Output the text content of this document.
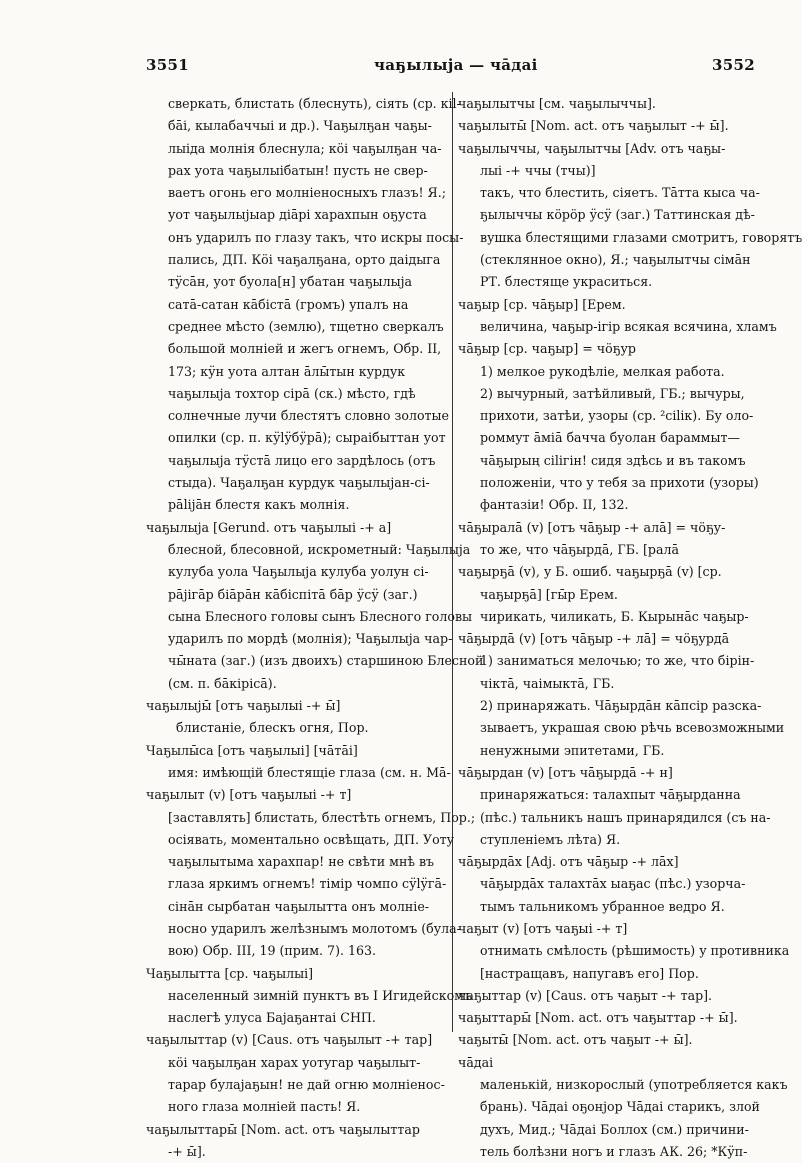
3551	чаҕылыја — чāдаі	3552
сверкать, блистать (блеснуть), сіять (ср. кіl-
бāі, кылабаччыі и др.). Чаҕылҕан чаҕы-
лыіда молнія блеснула; кöі чаҕылҕан ча-
рах уота чаҕылыібатын! пусть не свер-
ваетъ огонь его молніеносныхъ глазъ! Я.;
уот чаҕылыјыар діāрі харахпын оҕуста
онъ ударилъ по глазу такъ, что искры посы-
пались, ДП. Кöі чаҕалҕана, орто даідыга
тӱсāн, уот буола[н] убатан чаҕылыја
сатā-сатан кāбістā (громъ) упалъ на
среднее мѣсто (землю), тщетно сверкалъ
большой молніей и жегъ огнемъ, Обр. II,
173; кӱн уота алтан āлы̄тын курдук
чаҕылыја тохтор сірā (ск.) мѣсто, гдѣ
солнечные лучи блестятъ словно золотые
опилки (ср. п. кӱlӱбӱрā); сыраібыттан уот
чаҕылыја тӱстā лицо его зардѣлось (отъ
стыда). Чаҕалҕан курдук чаҕылыјан-сі-
рālіјāн блестя какъ молнія.
чаҕылыја [Gerund. отъ чаҕылыі -+ а]
блесной, блесовной, искрометный: Чаҕылыја
кулуба уола Чаҕылыја кулуба уолун сі-
рāјігāр біāрāн кāбіспітā бāр ӱсӱ (заг.)
сына Блесного головы сынъ Блесного головы
ударилъ по мордѣ (молнія); Чаҕылыја чар-
чы̄ната (заг.) (изъ двоихъ) старшиною Блесной
(см. п. бāкірісā).
чаҕылыjы̄ [отъ чаҕылыі -+ ы̄]
блистаніе, блескъ огня, Пор.
Чаҕылы̄са [отъ чаҕылыі] [чāтāі]
имя: имѣющій блестящіе глаза (см. н. Мā-
чаҕылыт (v) [отъ чаҕылыі -+ т]
[заставлять] блистать, блестѣть огнемъ, Пор.;
осіявать, моментально освѣщать, ДП. Уоту
чаҕылытыма харахпар! не свѣти мнѣ въ
глаза яркимъ огнемъ! тімір чомпо сӱlӱгā-
сінāн сырбатан чаҕылытта онъ молніе-
носно ударилъ желѣзнымъ молотомъ (була-
вою) Обр. III, 19 (прим. 7). 163.
Чаҕылытта [ср. чаҕылыі]
населенный зимній пунктъ въ I Игидейскомъ
наслегѣ улуса Бајаҕантаі СНП.
чаҕылыттар (v) [Caus. отъ чаҕылыт -+ тар]
кöі чаҕылҕан харах уотугар чаҕылыт-
тарар булаjаҕын! не дай огню молніенос-
ного глаза молніей пасть! Я.
чаҕылыттары̄ [Nom. act. отъ чаҕылыттар
-+ ы̄].
чаҕылытчы [см. чаҕылыччы].
чаҕылыты̄ [Nom. act. отъ чаҕылыт -+ ы̄].
чаҕылыччы, чаҕылытчы [Adv. отъ чаҕы-
лыі -+ ччы (тчы)]
такъ, что блестить, сіяетъ. Тāтта кыса ча-
ҕылыччы кöрöр ӱсӱ (заг.) Таттинская дѣ-
вушка блестящими глазами смотритъ, говорятъ
(стеклянное окно), Я.; чаҕылытчы сімāн
РТ. блестяще украситься.
чаҕыр [ср. чāҕыр] [Ерем.
величина, чаҕыр-ігір всякая всячина, хламъ
чāҕыр [ср. чаҕыр] = чöҕур
1) мелкое рукодѣліе, мелкая работа.
2) вычурный, затѣйливый, ГБ.; вычуры,
прихоти, затѣи, узоры (ср. ²сіlік). Бу оло-
роммут āміā бачча буолан бараммыт—
чāҕырың сіlігін! сидя здѣсь и въ такомъ
положеніи, что у тебя за прихоти (узоры)
фантазіи! Обр. II, 132.
чāҕыралā (v) [отъ чāҕыр -+ алā] = чöҕу-
то же, что чāҕырдā, ГБ. [ралā
чаҕырҕā (v), у Б. ошиб. чаҕырҕā (v) [ср.
чаҕырҕā] [гы̄р Ерем.
чирикать, чиликать, Б. Кырынāс чаҕыр-
чāҕырдā (v) [отъ чāҕыр -+ лā] = чöҕурдā
1) заниматься мелочью; то же, что бірін-
чіктā, чаімыктā, ГБ.
2) принаряжать. Чāҕырдāн кāпсір разска-
зываетъ, украшая свою рѣчь всевозможными
ненужными эпитетами, ГБ.
чāҕырдан (v) [отъ чāҕырдā -+ н]
принаряжаться: талахпыт чāҕырданна
(пѣс.) тальникъ нашъ принарядился (съ на-
ступленіемъ лѣта) Я.
чāҕырдāх [Adj. отъ чāҕыр -+ лāх]
чāҕырдāх талахтāх ыаҕас (пѣс.) узорча-
тымъ тальникомъ убранное ведро Я.
чаҕыт (v) [отъ чаҕыі -+ т]
отнимать смѣлость (рѣшимость) у противника
[настращавъ, напугавъ его] Пор.
чаҕыттар (v) [Caus. отъ чаҕыт -+ тар].
чаҕыттары̄ [Nom. act. отъ чаҕыттар -+ ы̄].
чаҕыты̄ [Nom. act. отъ чаҕыт -+ ы̄].
чāдаі
маленькій, низкорослый (употребляется какъ
брань). Чāдаі оҕонјор Чāдаі старикъ, злой
духъ, Мид.; Чāдаі Боллох (см.) причини-
тель болѣзни ногъ и глазъ АК. 26; *Кӱп-
